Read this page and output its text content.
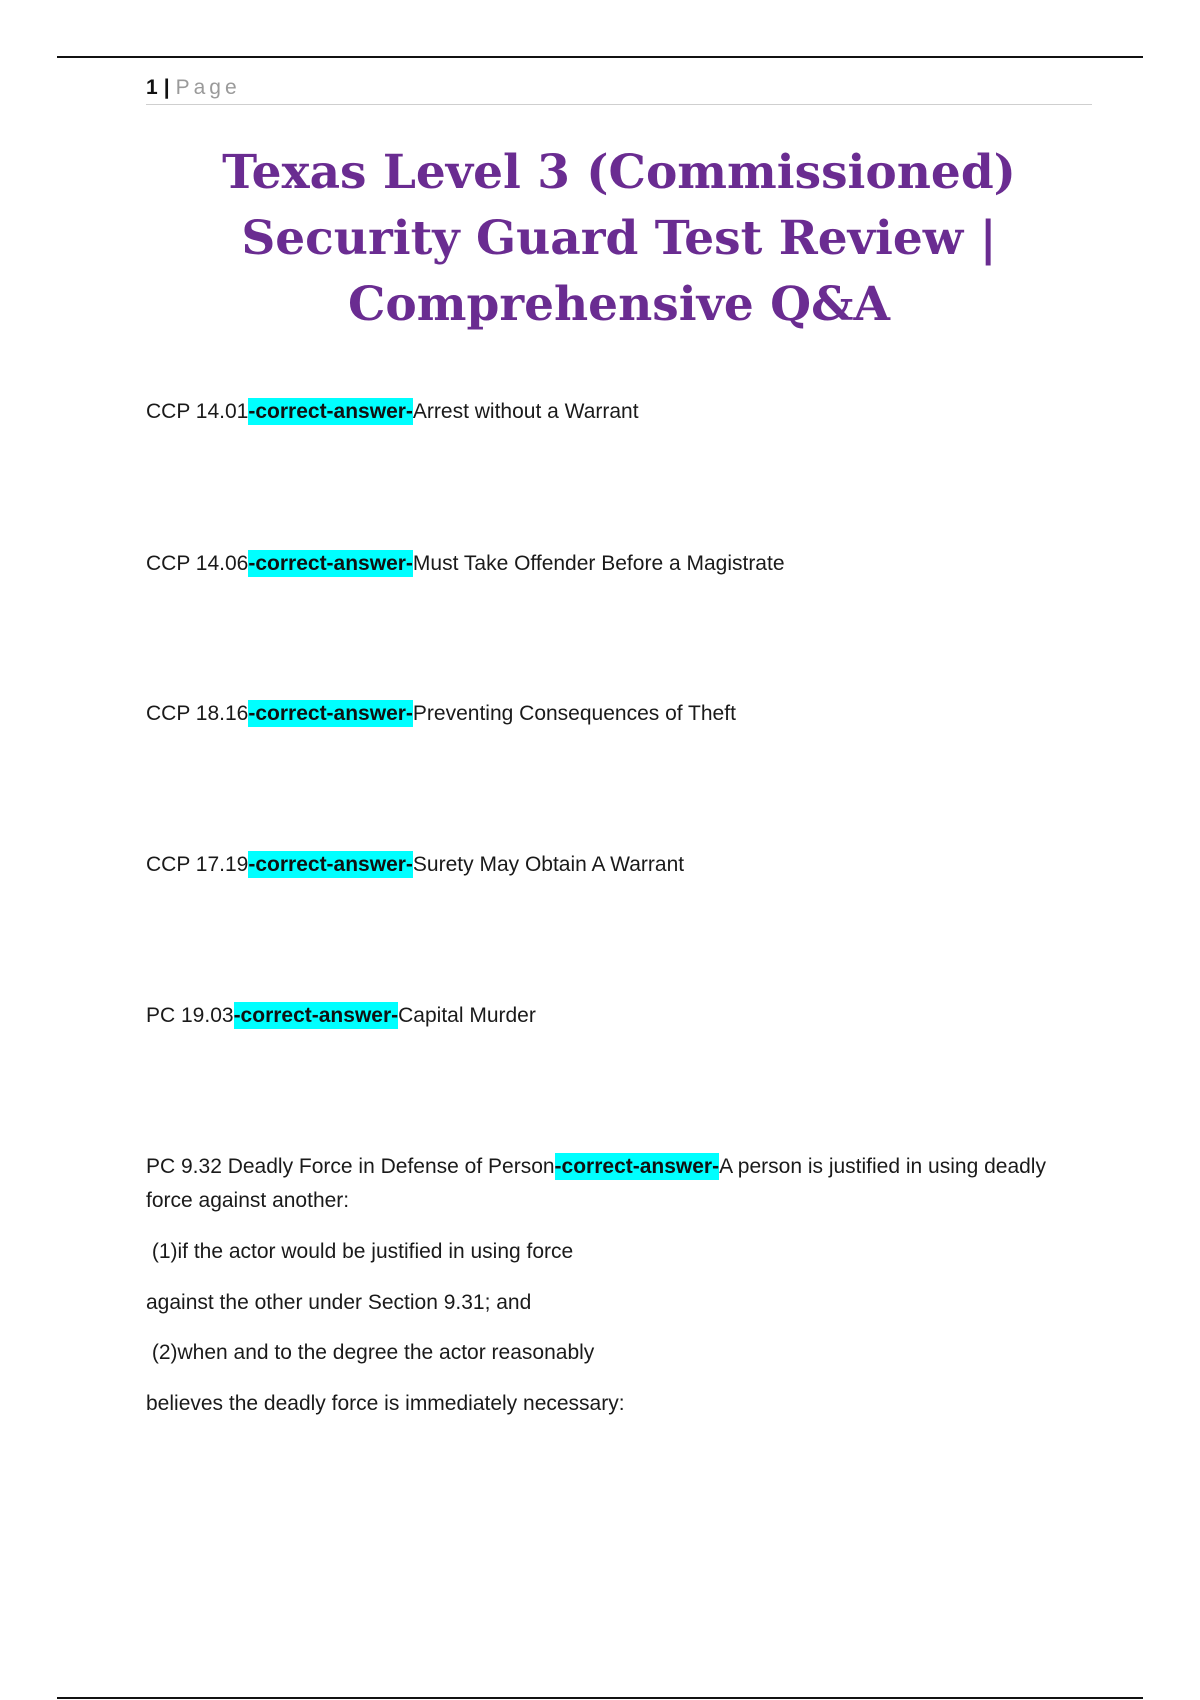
1 | Page
Texas Level 3 (Commissioned) Security Guard Test Review | Comprehensive Q&A

CCP 14.01-correct-answer-Arrest without a Warrant

CCP 14.06-correct-answer-Must Take Offender Before a Magistrate

CCP 18.16-correct-answer-Preventing Consequences of Theft

CCP 17.19-correct-answer-Surety May Obtain A Warrant

PC 19.03-correct-answer-Capital Murder

PC 9.32 Deadly Force in Defense of Person-correct-answer-A person is justified in using deadly force against another:

(1)if the actor would be justified in using force

against the other under Section 9.31; and

(2)when and to the degree the actor reasonably

believes the deadly force is immediately necessary:
